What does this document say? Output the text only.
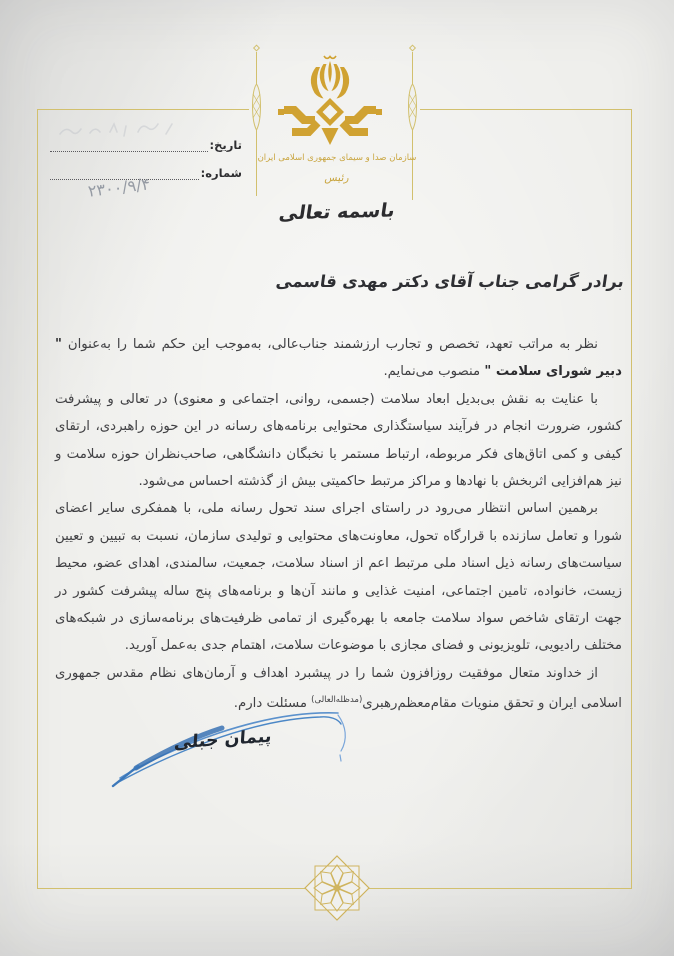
سازمان صدا و سیمای جمهوری اسلامی ایران
رئیس
تاریخ:
شماره:
۲۳۰۰/۹/۴
باسمه تعالی
برادر گرامی جناب آقای دکتر مهدی قاسمی

نظر به مراتب تعهد، تخصص و تجارب ارزشمند جناب‌عالی، به‌موجب این حکم شما را به‌عنوان " دبیر شورای سلامت " منصوب می‌نمایم.

با عنایت به نقش بی‌بدیل ابعاد سلامت (جسمی، روانی، اجتماعی و معنوی) در تعالی و پیشرفت کشور، ضرورت انجام در فرآیند سیاستگذاری محتوایی برنامه‌های رسانه در این حوزه راهبردی، ارتقای کیفی و کمی اتاق‌های فکر مربوطه، ارتباط مستمر با نخبگان دانشگاهی، صاحب‌نظران حوزه سلامت و نیز هم‌افزایی اثربخش با نهادها و مراکز مرتبط حاکمیتی بیش از گذشته احساس می‌شود.

برهمین اساس انتظار می‌رود در راستای اجرای سند تحول رسانه ملی، با همفکری سایر اعضای شورا و تعامل سازنده با قرارگاه تحول، معاونت‌های محتوایی و تولیدی سازمان، نسبت به تبیین و تعیین سیاست‌های رسانه ذیل اسناد ملی مرتبط اعم از اسناد سلامت، جمعیت، سالمندی، اهدای عضو، محیط زیست، خانواده، تامین اجتماعی، امنیت غذایی و مانند آن‌ها و برنامه‌های پنج ساله پیشرفت کشور در جهت ارتقای شاخص سواد سلامت جامعه با بهره‌گیری از تمامی ظرفیت‌های برنامه‌سازی در شبکه‌های مختلف رادیویی، تلویزیونی و فضای مجازی با موضوعات سلامت، اهتمام جدی به‌عمل آورید.

از خداوند متعال موفقیت روزافزون شما را در پیشبرد اهداف و آرمان‌های نظام مقدس جمهوری اسلامی ایران و تحقق منویات مقام‌معظم‌رهبری$^{(مدظله‌العالی)}$ مسئلت دارم.

پیمان جبلی
